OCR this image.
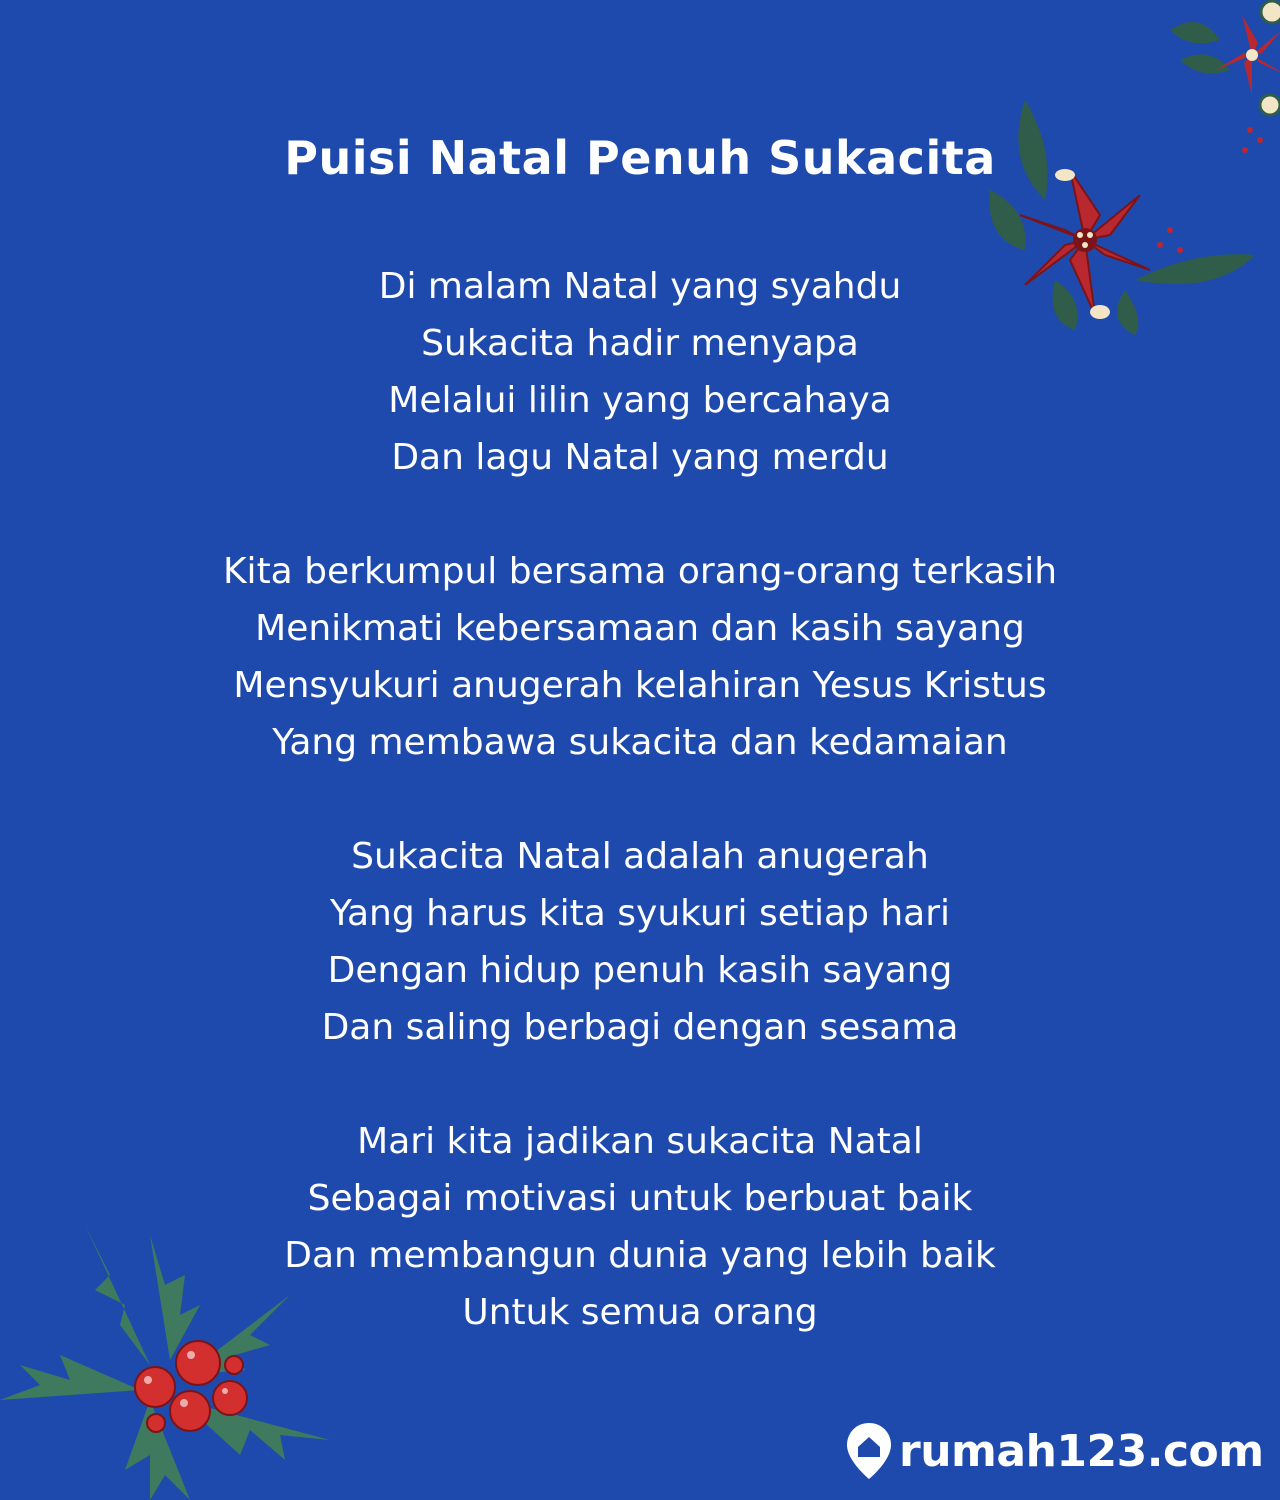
Puisi Natal Penuh Sukacita
Di malam Natal yang syahdu
Sukacita hadir menyapa
Melalui lilin yang bercahaya
Dan lagu Natal yang merdu
Kita berkumpul bersama orang-orang terkasih
Menikmati kebersamaan dan kasih sayang
Mensyukuri anugerah kelahiran Yesus Kristus
Yang membawa sukacita dan kedamaian
Sukacita Natal adalah anugerah
Yang harus kita syukuri setiap hari
Dengan hidup penuh kasih sayang
Dan saling berbagi dengan sesama
Mari kita jadikan sukacita Natal
Sebagai motivasi untuk berbuat baik
Dan membangun dunia yang lebih baik
Untuk semua orang
rumah123.com
